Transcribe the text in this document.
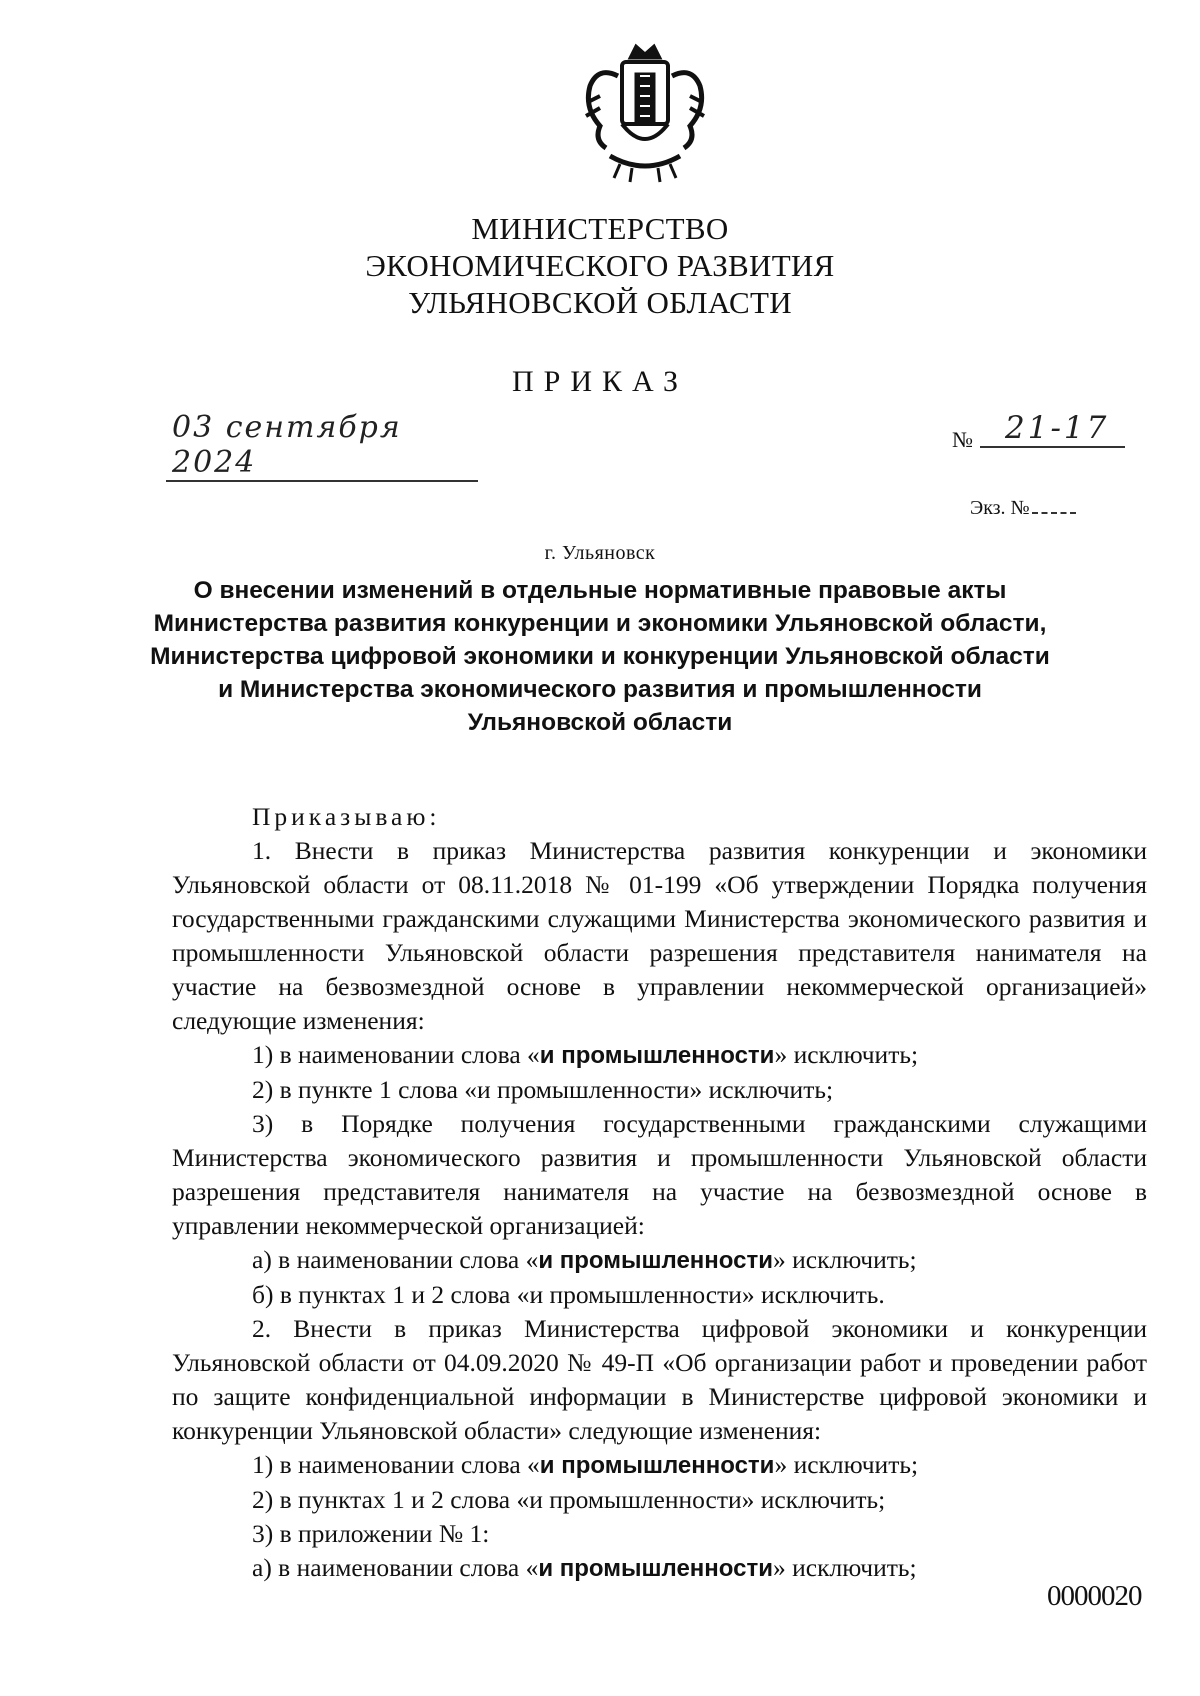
МИНИСТЕРСТВО
ЭКОНОМИЧЕСКОГО РАЗВИТИЯ
УЛЬЯНОВСКОЙ ОБЛАСТИ
ПРИКАЗ
03 сентября 2024
№	21-17
Экз. №
г. Ульяновск
О внесении изменений в отдельные нормативные правовые акты
Министерства развития конкуренции и экономики Ульяновской области,
Министерства цифровой экономики и конкуренции Ульяновской области
и Министерства экономического развития и промышленности
Ульяновской области

Приказываю:

1. Внести в приказ Министерства развития конкуренции и экономики Ульяновской области от 08.11.2018 № 01-199 «Об утверждении Порядка получения государственными гражданскими служащими Министерства экономического развития и промышленности Ульяновской области разрешения представителя нанимателя на участие на безвозмездной основе в управлении некоммерческой организацией» следующие изменения:

1) в наименовании слова «и промышленности» исключить;

2) в пункте 1 слова «и промышленности» исключить;

3) в Порядке получения государственными гражданскими служащими Министерства экономического развития и промышленности Ульяновской области разрешения представителя нанимателя на участие на безвозмездной основе в управлении некоммерческой организацией:

а) в наименовании слова «и промышленности» исключить;

б) в пунктах 1 и 2 слова «и промышленности» исключить.

2. Внести в приказ Министерства цифровой экономики и конкуренции Ульяновской области от 04.09.2020 № 49-П «Об организации работ и проведении работ по защите конфиденциальной информации в Министерстве цифровой экономики и конкуренции Ульяновской области» следующие изменения:

1) в наименовании слова «и промышленности» исключить;

2) в пунктах 1 и 2 слова «и промышленности» исключить;

3) в приложении № 1:

а) в наименовании слова «и промышленности» исключить;

0000020
